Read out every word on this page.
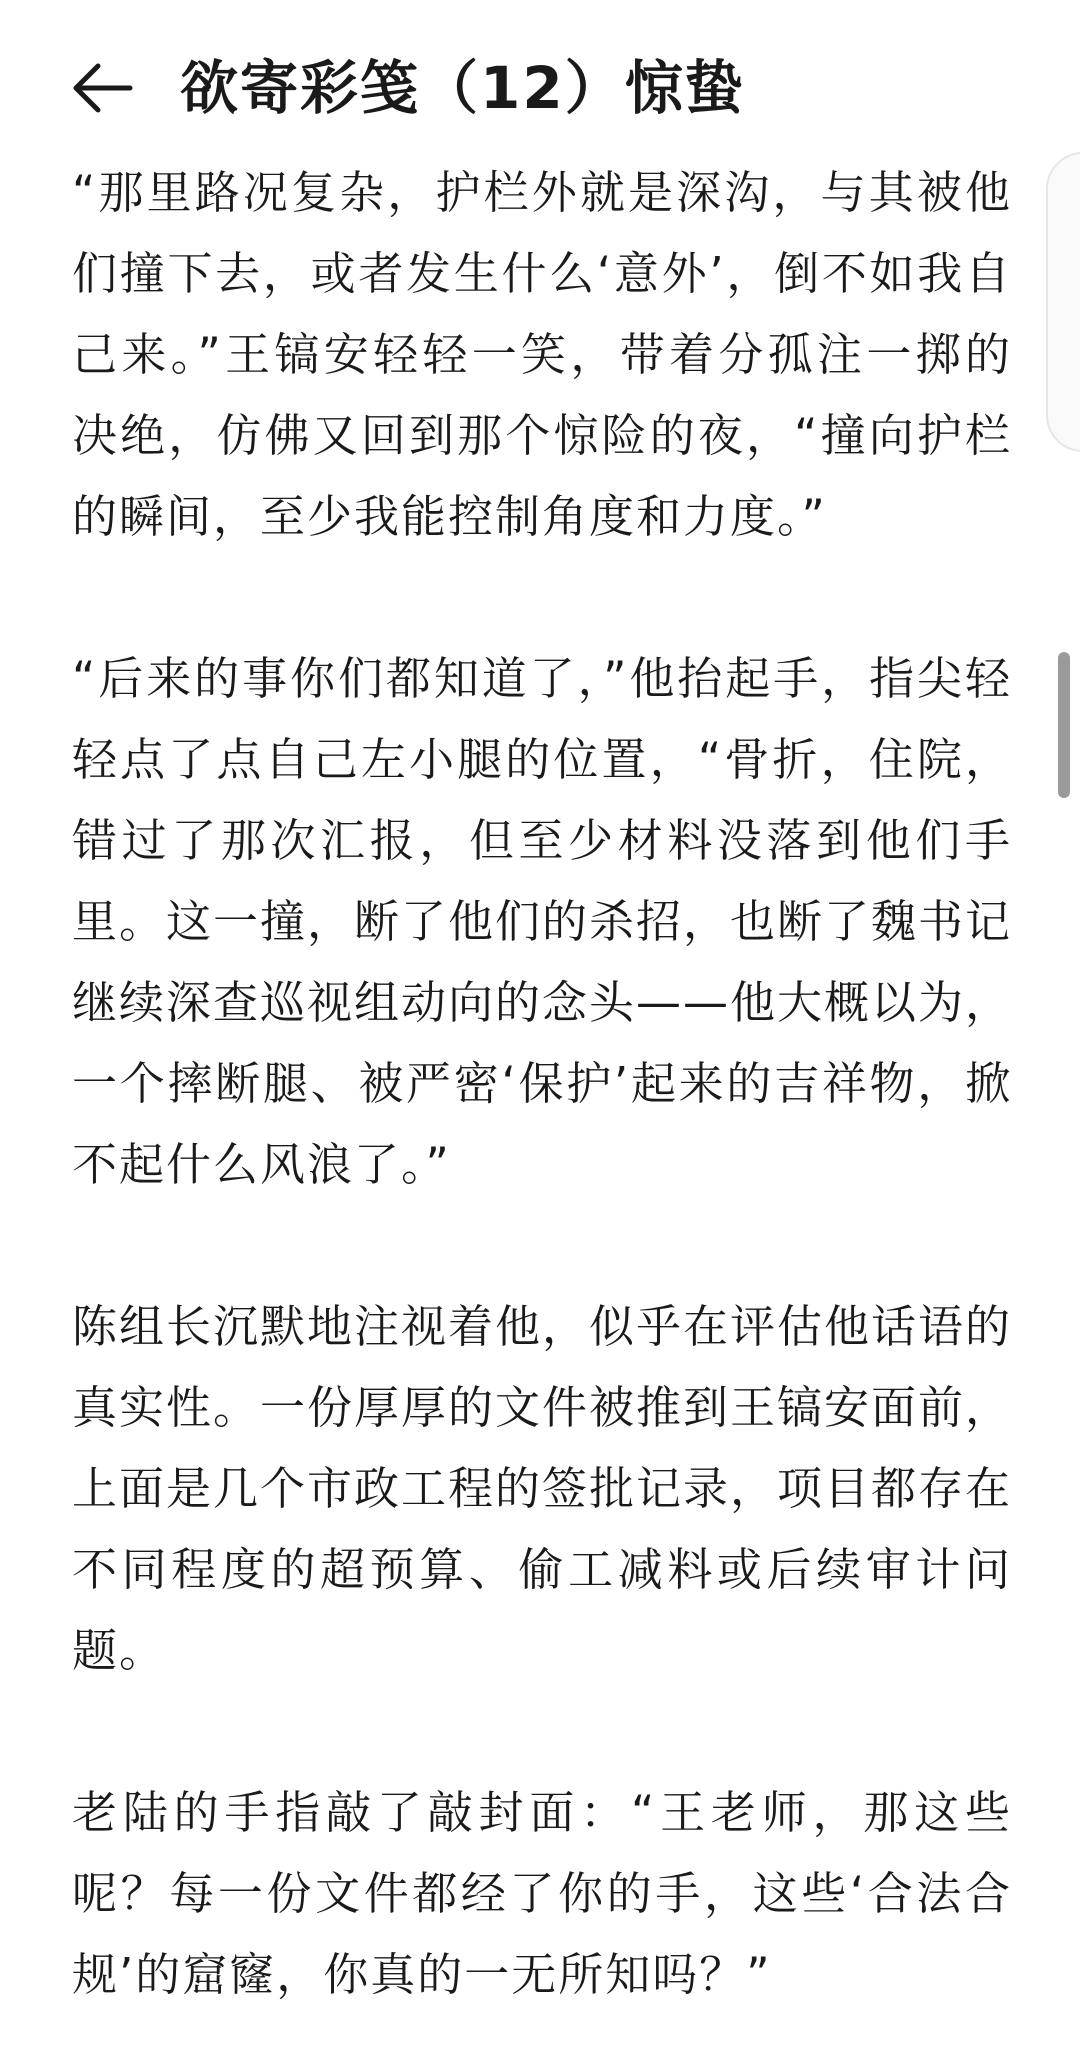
欲寄彩笺（12）惊蛰

“那里路况复杂，护栏外就是深沟，与其被他们撞下去，或者发生什么‘意外’，倒不如我自己来。”王镐安轻轻一笑，带着分孤注一掷的决绝，仿佛又回到那个惊险的夜，“撞向护栏的瞬间，至少我能控制角度和力度。”

“后来的事你们都知道了，”他抬起手，指尖轻轻点了点自己左小腿的位置，“骨折，住院，错过了那次汇报，但至少材料没落到他们手里。这一撞，断了他们的杀招，也断了魏书记继续深查巡视组动向的念头——他大概以为，一个摔断腿、被严密‘保护’起来的吉祥物，掀不起什么风浪了。”

陈组长沉默地注视着他，似乎在评估他话语的真实性。一份厚厚的文件被推到王镐安面前，上面是几个市政工程的签批记录，项目都存在不同程度的超预算、偷工减料或后续审计问题。

老陆的手指敲了敲封面：“王老师，那这些呢？每一份文件都经了你的手，这些‘合法合规’的窟窿，你真的一无所知吗？”
